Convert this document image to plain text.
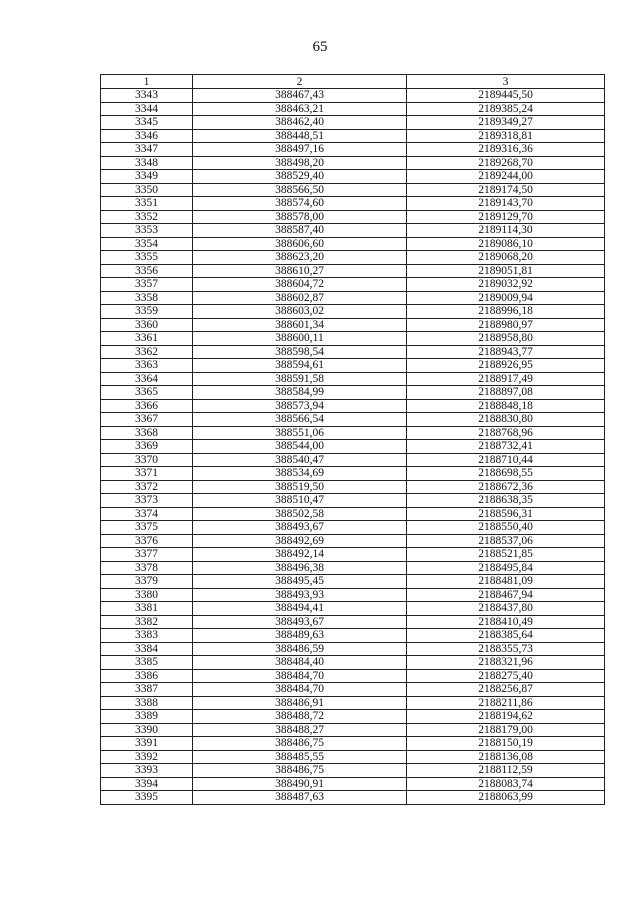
65
1	2	3
3343	388467,43	2189445,50
3344	388463,21	2189385,24
3345	388462,40	2189349,27
3346	388448,51	2189318,81
3347	388497,16	2189316,36
3348	388498,20	2189268,70
3349	388529,40	2189244,00
3350	388566,50	2189174,50
3351	388574,60	2189143,70
3352	388578,00	2189129,70
3353	388587,40	2189114,30
3354	388606,60	2189086,10
3355	388623,20	2189068,20
3356	388610,27	2189051,81
3357	388604,72	2189032,92
3358	388602,87	2189009,94
3359	388603,02	2188996,18
3360	388601,34	2188980,97
3361	388600,11	2188958,80
3362	388598,54	2188943,77
3363	388594,61	2188926,95
3364	388591,58	2188917,49
3365	388584,99	2188897,08
3366	388573,94	2188848,18
3367	388566,54	2188830,80
3368	388551,06	2188768,96
3369	388544,00	2188732,41
3370	388540,47	2188710,44
3371	388534,69	2188698,55
3372	388519,50	2188672,36
3373	388510,47	2188638,35
3374	388502,58	2188596,31
3375	388493,67	2188550,40
3376	388492,69	2188537,06
3377	388492,14	2188521,85
3378	388496,38	2188495,84
3379	388495,45	2188481,09
3380	388493,93	2188467,94
3381	388494,41	2188437,80
3382	388493,67	2188410,49
3383	388489,63	2188385,64
3384	388486,59	2188355,73
3385	388484,40	2188321,96
3386	388484,70	2188275,40
3387	388484,70	2188256,87
3388	388486,91	2188211,86
3389	388488,72	2188194,62
3390	388488,27	2188179,00
3391	388486,75	2188150,19
3392	388485,55	2188136,08
3393	388486,75	2188112,59
3394	388490,91	2188083,74
3395	388487,63	2188063,99
